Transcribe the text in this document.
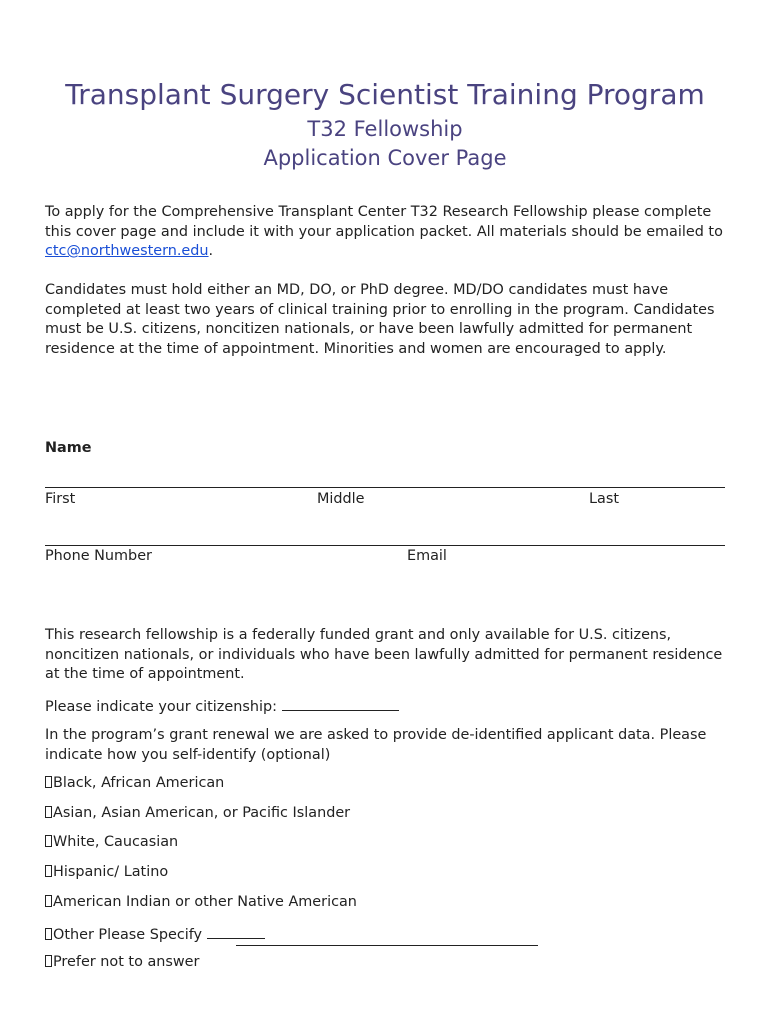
Transplant Surgery Scientist Training Program
T32 Fellowship
Application Cover Page
To apply for the Comprehensive Transplant Center T32 Research Fellowship please complete this cover page and include it with your application packet. All materials should be emailed to ctc@northwestern.edu.
Candidates must hold either an MD, DO, or PhD degree. MD/DO candidates must have completed at least two years of clinical training prior to enrolling in the program. Candidates must be U.S. citizens, noncitizen nationals, or have been lawfully admitted for permanent residence at the time of appointment. Minorities and women are encouraged to apply.
Name
First	Middle	Last
Phone Number	Email
This research fellowship is a federally funded grant and only available for U.S. citizens, noncitizen nationals, or individuals who have been lawfully admitted for permanent residence at the time of appointment.
Please indicate your citizenship:
In the program’s grant renewal we are asked to provide de-identified applicant data. Please indicate how you self-identify (optional)
Black, African American
Asian, Asian American, or Pacific Islander
White, Caucasian
Hispanic/ Latino
American Indian or other Native American
Other Please Specify
Prefer not to answer
